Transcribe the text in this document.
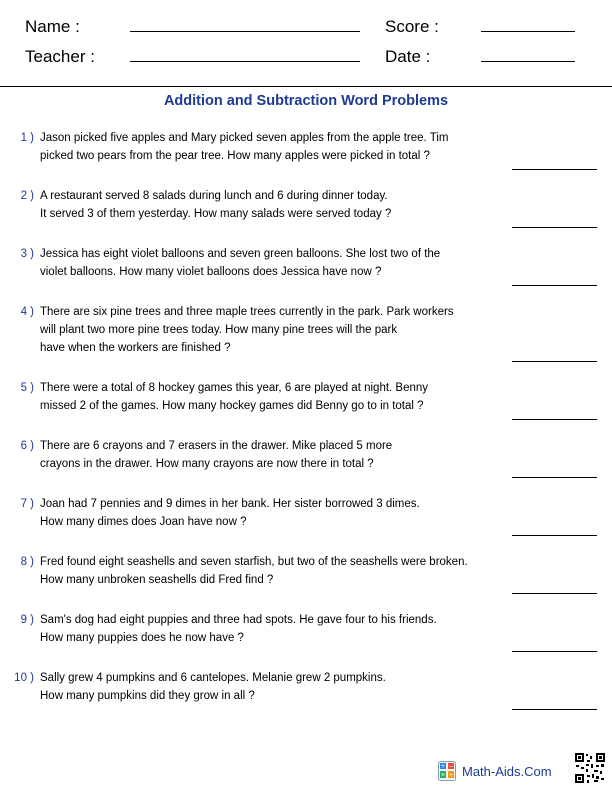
Name :	Score :
Teacher :	Date :
Addition and Subtraction Word Problems
1 ) Jason picked five apples and Mary picked seven apples from the apple tree. Tim
picked two pears from the pear tree. How many apples were picked in total ?
2 ) A restaurant served 8 salads during lunch and 6 during dinner today.
It served 3 of them yesterday. How many salads were served today ?
3 ) Jessica has eight violet balloons and seven green balloons. She lost two of the
violet balloons. How many violet balloons does Jessica have now ?
4 ) There are six pine trees and three maple trees currently in the park. Park workers
will plant two more pine trees today. How many pine trees will the park
have when the workers are finished ?
5 ) There were a total of 8 hockey games this year, 6 are played at night. Benny
missed 2 of the games. How many hockey games did Benny go to in total ?
6 ) There are 6 crayons and 7 erasers in the drawer. Mike placed 5 more
crayons in the drawer. How many crayons are now there in total ?
7 ) Joan had 7 pennies and 9 dimes in her bank. Her sister borrowed 3 dimes.
How many dimes does Joan have now ?
8 ) Fred found eight seashells and seven starfish, but two of the seashells were broken.
How many unbroken seashells did Fred find ?
9 ) Sam's dog had eight puppies and three had spots. He gave four to his friends.
How many puppies does he now have ?
10 ) Sally grew 4 pumpkins and 6 cantelopes. Melanie grew 2 pumpkins.
How many pumpkins did they grow in all ?
+ −
× ÷ Math-Aids.Com
